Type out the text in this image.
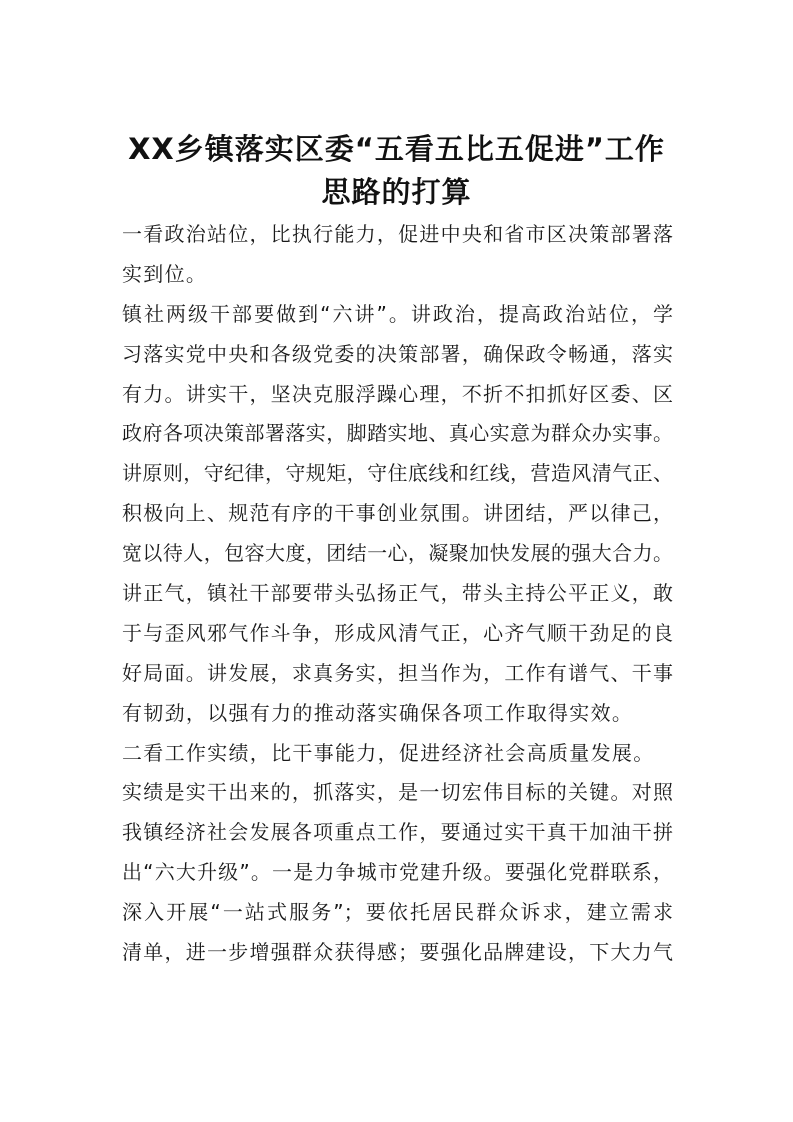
XX乡镇落实区委“五看五比五促进”工作
思路的打算
一看政治站位，比执行能力，促进中央和省市区决策部署落
实到位。
镇社两级干部要做到“六讲”。讲政治，提高政治站位，学
习落实党中央和各级党委的决策部署，确保政令畅通，落实
有力。讲实干，坚决克服浮躁心理，不折不扣抓好区委、区
政府各项决策部署落实，脚踏实地、真心实意为群众办实事。
讲原则，守纪律，守规矩，守住底线和红线，营造风清气正、
积极向上、规范有序的干事创业氛围。讲团结，严以律己，
宽以待人，包容大度，团结一心，凝聚加快发展的强大合力。
讲正气，镇社干部要带头弘扬正气，带头主持公平正义，敢
于与歪风邪气作斗争，形成风清气正，心齐气顺干劲足的良
好局面。讲发展，求真务实，担当作为，工作有谱气、干事
有韧劲，以强有力的推动落实确保各项工作取得实效。
二看工作实绩，比干事能力，促进经济社会高质量发展。
实绩是实干出来的，抓落实，是一切宏伟目标的关键。对照
我镇经济社会发展各项重点工作，要通过实干真干加油干拼
出“六大升级”。一是力争城市党建升级。要强化党群联系，
深入开展“一站式服务”；要依托居民群众诉求，建立需求
清单，进一步增强群众获得感；要强化品牌建设，下大力气
